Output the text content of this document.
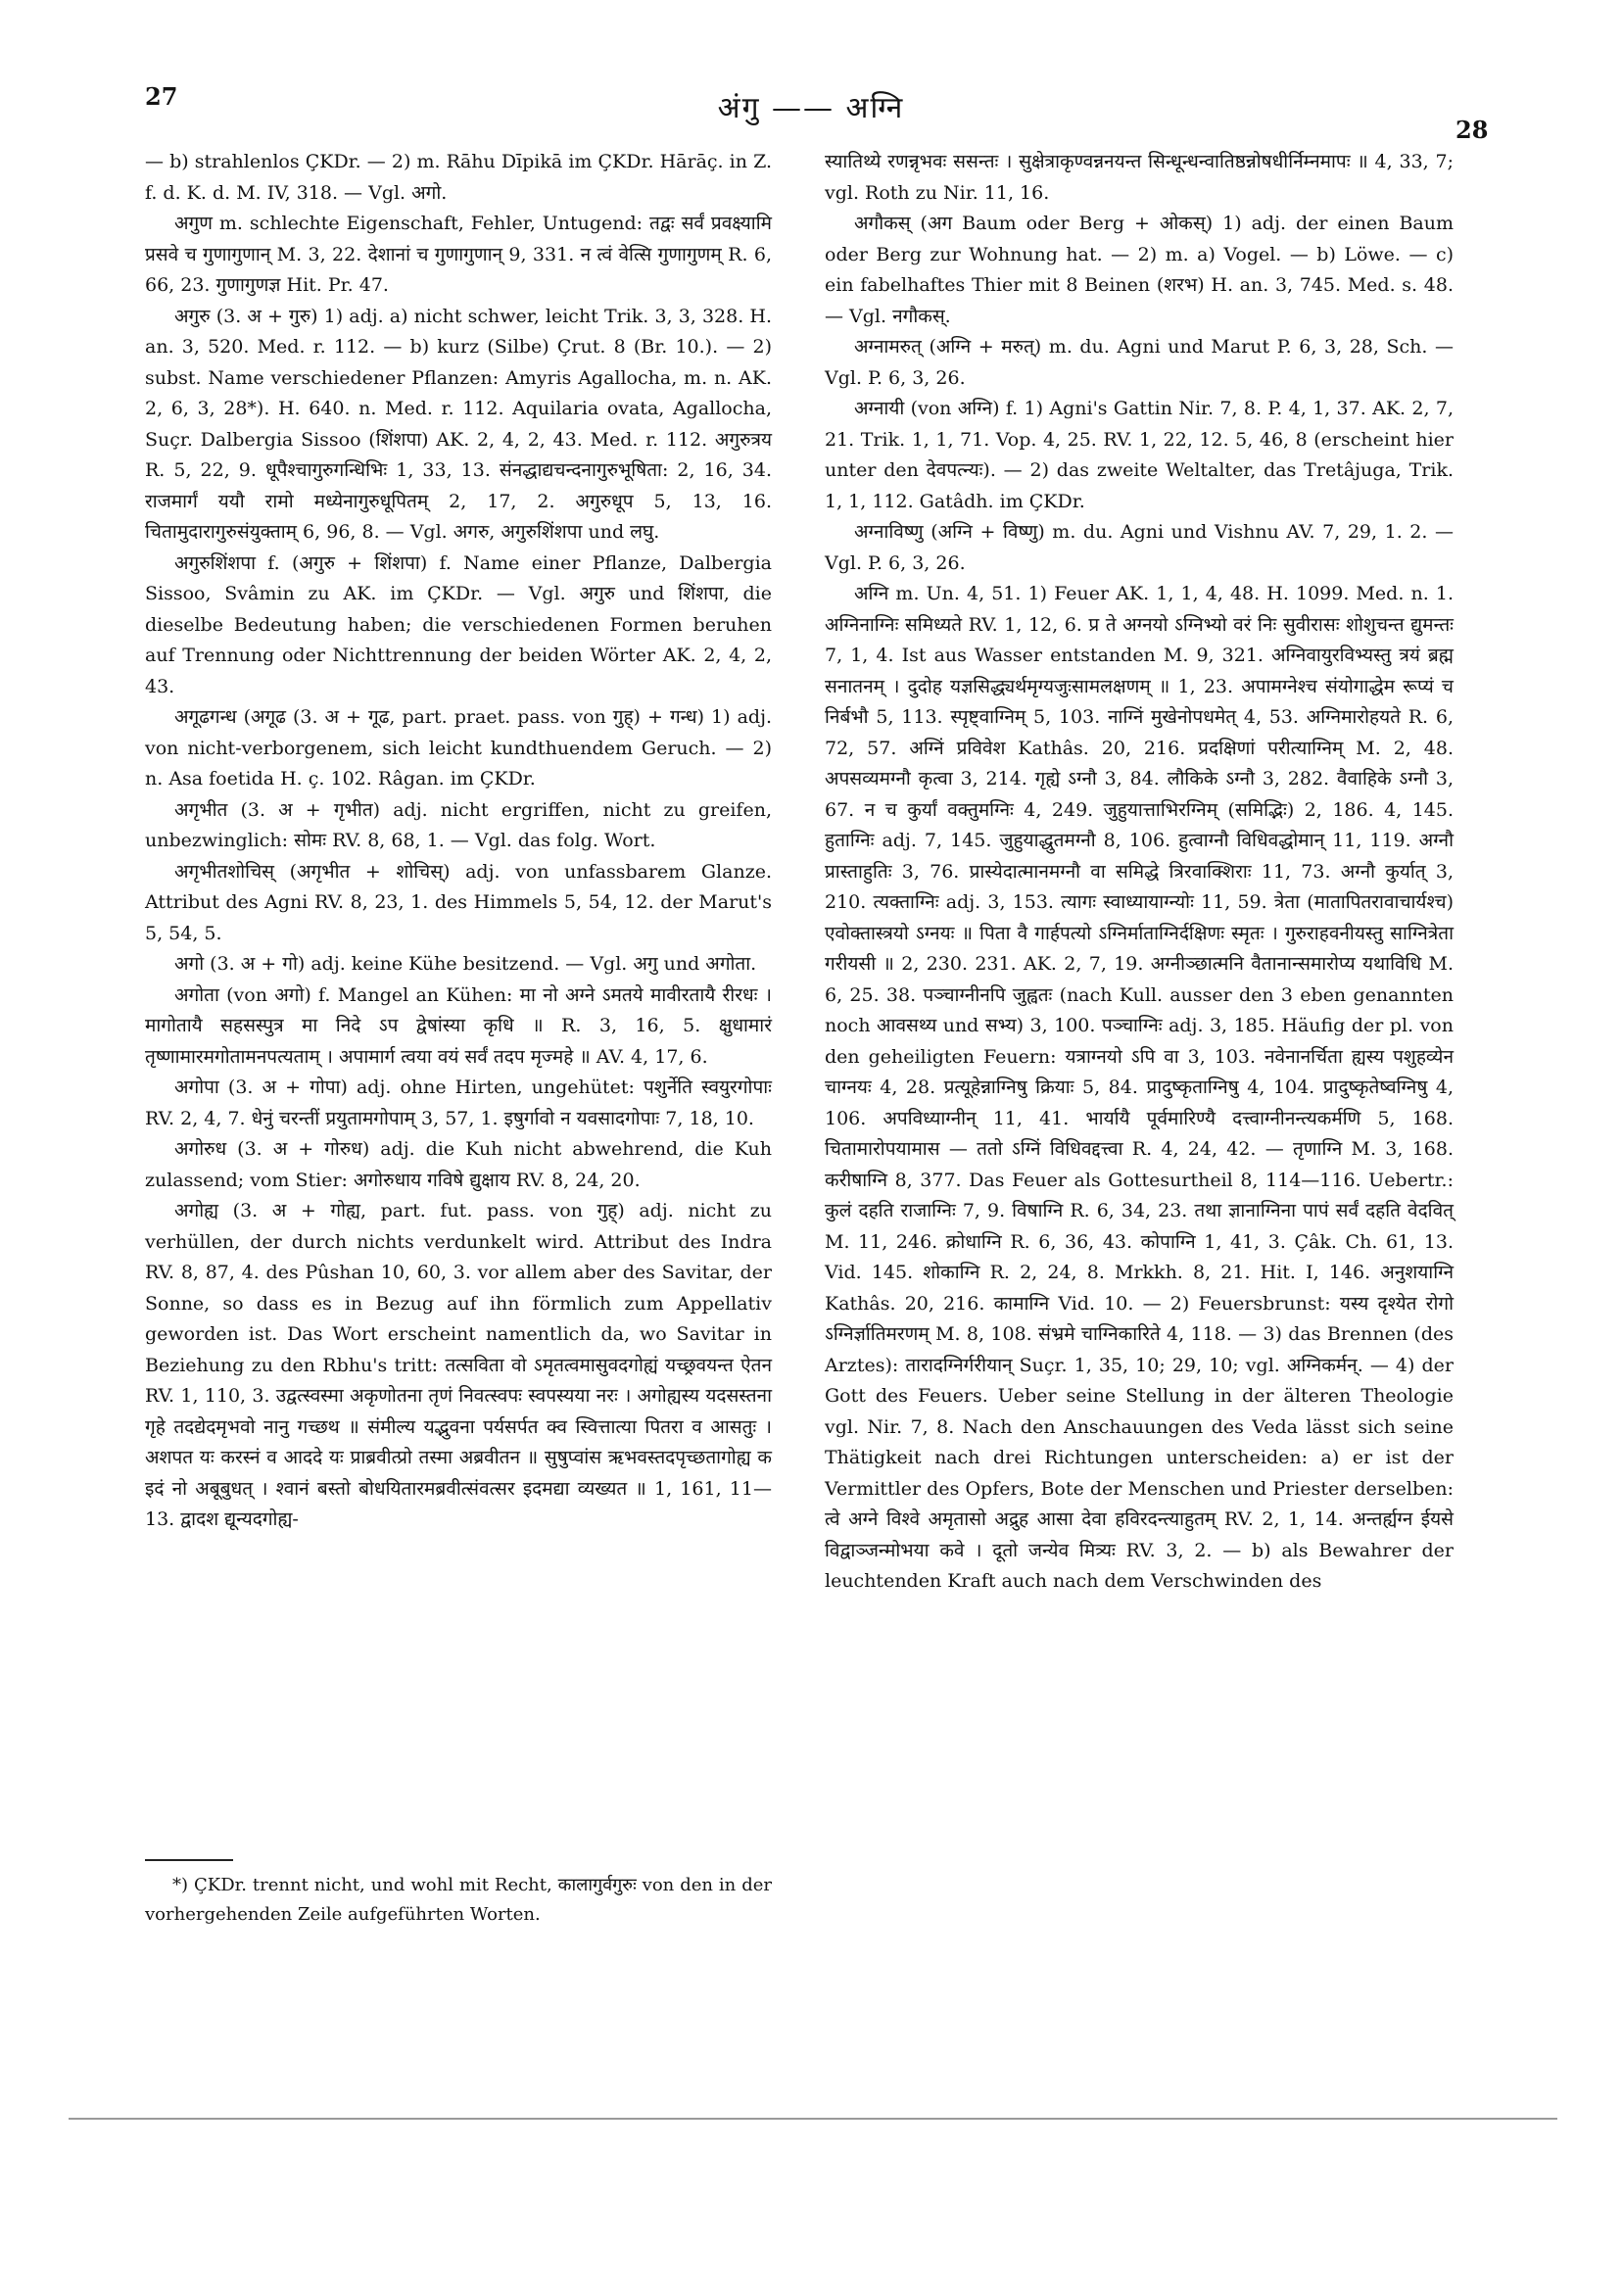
27	अंगु —— अग्नि
28

— b) strahlenlos ÇKDr. — 2) m. Rāhu Dīpikā im ÇKDr. Hārāç. in Z. f. d. K. d. M. IV, 318. — Vgl. अगो.

अगुण m. schlechte Eigenschaft, Fehler, Untugend: तद्वः सर्वं प्रवक्ष्यामि प्रसवे च गुणागुणान् M. 3, 22. देशानां च गुणागुणान् 9, 331. न त्वं वेत्सि गुणागुणम् R. 6, 66, 23. गुणागुणज्ञ Hit. Pr. 47.

अगुरु (3. अ + गुरु) 1) adj. a) nicht schwer, leicht Trik. 3, 3, 328. H. an. 3, 520. Med. r. 112. — b) kurz (Silbe) Çrut. 8 (Br. 10.). — 2) subst. Name verschiedener Pflanzen: Amyris Agallocha, m. n. AK. 2, 6, 3, 28*). H. 640. n. Med. r. 112. Aquilaria ovata, Agallocha, Suçr. Dalbergia Sissoo (शिंशपा) AK. 2, 4, 2, 43. Med. r. 112. अगुरुत्रय R. 5, 22, 9. धूपैश्चागुरुगन्धिभिः 1, 33, 13. संनद्धाद्यचन्दनागुरुभूषिता: 2, 16, 34. राजमार्गं ययौ रामो मध्येनागुरुधूपितम् 2, 17, 2. अगुरुधूप 5, 13, 16. चितामुदारागुरुसंयुक्ताम् 6, 96, 8. — Vgl. अगरु, अगुरुशिंशपा und लघु.

अगुरुशिंशपा f. (अगुरु + शिंशपा) f. Name einer Pflanze, Dalbergia Sissoo, Svâmin zu AK. im ÇKDr. — Vgl. अगुरु und शिंशपा, die dieselbe Bedeutung haben; die verschiedenen Formen beruhen auf Trennung oder Nichttrennung der beiden Wörter AK. 2, 4, 2, 43.

अगूढगन्ध (अगूढ (3. अ + गूढ, part. praet. pass. von गुह्) + गन्ध) 1) adj. von nicht-verborgenem, sich leicht kundthuendem Geruch. — 2) n. Asa foetida H. ç. 102. Râgan. im ÇKDr.

अगृभीत (3. अ + गृभीत) adj. nicht ergriffen, nicht zu greifen, unbezwinglich: सोमः RV. 8, 68, 1. — Vgl. das folg. Wort.

अगृभीतशोचिस् (अगृभीत + शोचिस्) adj. von unfassbarem Glanze. Attribut des Agni RV. 8, 23, 1. des Himmels 5, 54, 12. der Marut's 5, 54, 5.

अगो (3. अ + गो) adj. keine Kühe besitzend. — Vgl. अगु und अगोता.

अगोता (von अगो) f. Mangel an Kühen: मा नो अग्ने ऽमतये मावीरतायै रीरधः । मागोतायै सहसस्पुत्र मा निदे ऽप द्वेषांस्या कृधि ॥ R. 3, 16, 5. क्षुधामारं तृष्णामारमगोतामनपत्यताम् । अपामार्ग त्वया वयं सर्वं तदप मृज्महे ॥ AV. 4, 17, 6.

अगोपा (3. अ + गोपा) adj. ohne Hirten, ungehütet: पशुर्नेति स्वयुरगोपाः RV. 2, 4, 7. धेनुं चरन्तीं प्रयुतामगोपाम् 3, 57, 1. इषुर्गावो न यवसादगोपाः 7, 18, 10.

अगोरुध (3. अ + गोरुध) adj. die Kuh nicht abwehrend, die Kuh zulassend; vom Stier: अगोरुधाय गविषे द्युक्षाय RV. 8, 24, 20.

अगोह्य (3. अ + गोह्य, part. fut. pass. von गुह्) adj. nicht zu verhüllen, der durch nichts verdunkelt wird. Attribut des Indra RV. 8, 87, 4. des Pûshan 10, 60, 3. vor allem aber des Savitar, der Sonne, so dass es in Bezug auf ihn förmlich zum Appellativ geworden ist. Das Wort erscheint namentlich da, wo Savitar in Beziehung zu den Rbhu's tritt: तत्सविता वो ऽमृतत्वमासुवदगोह्यं यच्छ्रवयन्त ऐतन RV. 1, 110, 3. उद्वत्स्वस्मा अकृणोतना तृणं निवत्स्वपः स्वपस्यया नरः । अगोह्यस्य यदसस्तना गृहे तदद्येदमृभवो नानु गच्छथ ॥ संमील्य यद्भुवना पर्यसर्पत क्व स्वित्तात्या पितरा व आसतुः । अशपत यः करस्नं व आददे यः प्राब्रवीत्प्रो तस्मा अब्रवीतन ॥ सुषुप्वांस ऋभवस्तदपृच्छतागोह्य क इदं नो अबूबुधत् । श्वानं बस्तो बोधयितारमब्रवीत्संवत्सर इदमद्या व्यख्यत ॥ 1, 161, 11—13. द्वादश द्यून्यदगोह्य-

*) ÇKDr. trennt nicht, und wohl mit Recht, कालागुर्वगुरुः von den in der vorhergehenden Zeile aufgeführten Worten.

स्यातिथ्ये रणन्नृभवः ससन्तः । सुक्षेत्राकृण्वन्ननयन्त सिन्धून्धन्वातिष्ठन्नोषधीर्निम्नमापः ॥ 4, 33, 7; vgl. Roth zu Nir. 11, 16.

अगौकस् (अग Baum oder Berg + ओकस्) 1) adj. der einen Baum oder Berg zur Wohnung hat. — 2) m. a) Vogel. — b) Löwe. — c) ein fabelhaftes Thier mit 8 Beinen (शरभ) H. an. 3, 745. Med. s. 48. — Vgl. नगौकस्.

अग्नामरुत् (अग्नि + मरुत्) m. du. Agni und Marut P. 6, 3, 28, Sch. — Vgl. P. 6, 3, 26.

अग्नायी (von अग्नि) f. 1) Agni's Gattin Nir. 7, 8. P. 4, 1, 37. AK. 2, 7, 21. Trik. 1, 1, 71. Vop. 4, 25. RV. 1, 22, 12. 5, 46, 8 (erscheint hier unter den देवपत्न्यः). — 2) das zweite Weltalter, das Tretâjuga, Trik. 1, 1, 112. Gatâdh. im ÇKDr.

अग्नाविष्णु (अग्नि + विष्णु) m. du. Agni und Vishnu AV. 7, 29, 1. 2. — Vgl. P. 6, 3, 26.

अग्नि m. Un. 4, 51. 1) Feuer AK. 1, 1, 4, 48. H. 1099. Med. n. 1. अग्निनाग्निः समिध्यते RV. 1, 12, 6. प्र ते अग्नयो ऽग्निभ्यो वरं निः सुवीरासः शोशुचन्त द्युमन्तः 7, 1, 4. Ist aus Wasser entstanden M. 9, 321. अग्निवायुरविभ्यस्तु त्रयं ब्रह्म सनातनम् । दुदोह यज्ञसिद्ध्यर्थमृग्यजुःसामलक्षणम् ॥ 1, 23. अपामग्नेश्च संयोगाद्धेम रूप्यं च निर्बभौ 5, 113. स्पृष्ट्वाग्निम् 5, 103. नाग्निं मुखेनोपधमेत् 4, 53. अग्निमारोहयते R. 6, 72, 57. अग्निं प्रविवेश Kathâs. 20, 216. प्रदक्षिणां परीत्याग्निम् M. 2, 48. अपसव्यमग्नौ कृत्वा 3, 214. गृह्ये ऽग्नौ 3, 84. लौकिके ऽग्नौ 3, 282. वैवाहिके ऽग्नौ 3, 67. न च कुर्यां वक्तुमग्निः 4, 249. जुहुयात्ताभिरग्निम् (समिद्भिः) 2, 186. 4, 145. हुताग्निः adj. 7, 145. जुहुयाद्धुतमग्नौ 8, 106. हुत्वाग्नौ विधिवद्धोमान् 11, 119. अग्नौ प्रास्ताहुतिः 3, 76. प्रास्येदात्मानमग्नौ वा समिद्धे त्रिरवाक्शिराः 11, 73. अग्नौ कुर्यात् 3, 210. त्यक्ताग्निः adj. 3, 153. त्यागः स्वाध्यायाग्न्योः 11, 59. त्रेता (मातापितरावाचार्यश्च) एवोक्तास्त्रयो ऽग्नयः ॥ पिता वै गार्हपत्यो ऽग्निर्माताग्निर्दक्षिणः स्मृतः । गुरुराहवनीयस्तु साग्नित्रेता गरीयसी ॥ 2, 230. 231. AK. 2, 7, 19. अग्नीञ्छात्मनि वैतानान्समारोप्य यथाविधि M. 6, 25. 38. पञ्चाग्नीनपि जुह्वतः (nach Kull. ausser den 3 eben genannten noch आवसथ्य und सभ्य) 3, 100. पञ्चाग्निः adj. 3, 185. Häufig der pl. von den geheiligten Feuern: यत्राग्नयो ऽपि वा 3, 103. नवेनानर्चिता ह्यस्य पशुहव्येन चाग्नयः 4, 28. प्रत्यूहेन्नाग्निषु क्रियाः 5, 84. प्रादुष्कृताग्निषु 4, 104. प्रादुष्कृतेष्वग्निषु 4, 106. अपविध्याग्नीन् 11, 41. भार्यायै पूर्वमारिण्यै दत्त्वाग्नीनन्त्यकर्मणि 5, 168. चितामारोपयामास — ततो ऽग्निं विधिवद्दत्त्वा R. 4, 24, 42. — तृणाग्नि M. 3, 168. करीषाग्नि 8, 377. Das Feuer als Gottesurtheil 8, 114—116. Uebertr.: कुलं दहति राजाग्निः 7, 9. विषाग्नि R. 6, 34, 23. तथा ज्ञानाग्निना पापं सर्वं दहति वेदवित् M. 11, 246. क्रोधाग्नि R. 6, 36, 43. कोपाग्नि 1, 41, 3. Çâk. Ch. 61, 13. Vid. 145. शोकाग्नि R. 2, 24, 8. Mrkkh. 8, 21. Hit. I, 146. अनुशयाग्नि Kathâs. 20, 216. कामाग्नि Vid. 10. — 2) Feuersbrunst: यस्य दृश्येत रोगो ऽग्निर्ज्ञातिमरणम् M. 8, 108. संभ्रमे चाग्निकारिते 4, 118. — 3) das Brennen (des Arztes): तारादग्निर्गरीयान् Suçr. 1, 35, 10; 29, 10; vgl. अग्निकर्मन्. — 4) der Gott des Feuers. Ueber seine Stellung in der älteren Theologie vgl. Nir. 7, 8. Nach den Anschauungen des Veda lässt sich seine Thätigkeit nach drei Richtungen unterscheiden: a) er ist der Vermittler des Opfers, Bote der Menschen und Priester derselben: त्वे अग्ने विश्वे अमृतासो अद्रुह आसा देवा हविरदन्त्याहुतम् RV. 2, 1, 14. अन्तर्ह्यग्न ईयसे विद्वाञ्जन्मोभया कवे । दूतो जन्येव मित्र्यः RV. 3, 2. — b) als Bewahrer der leuchtenden Kraft auch nach dem Verschwinden des
